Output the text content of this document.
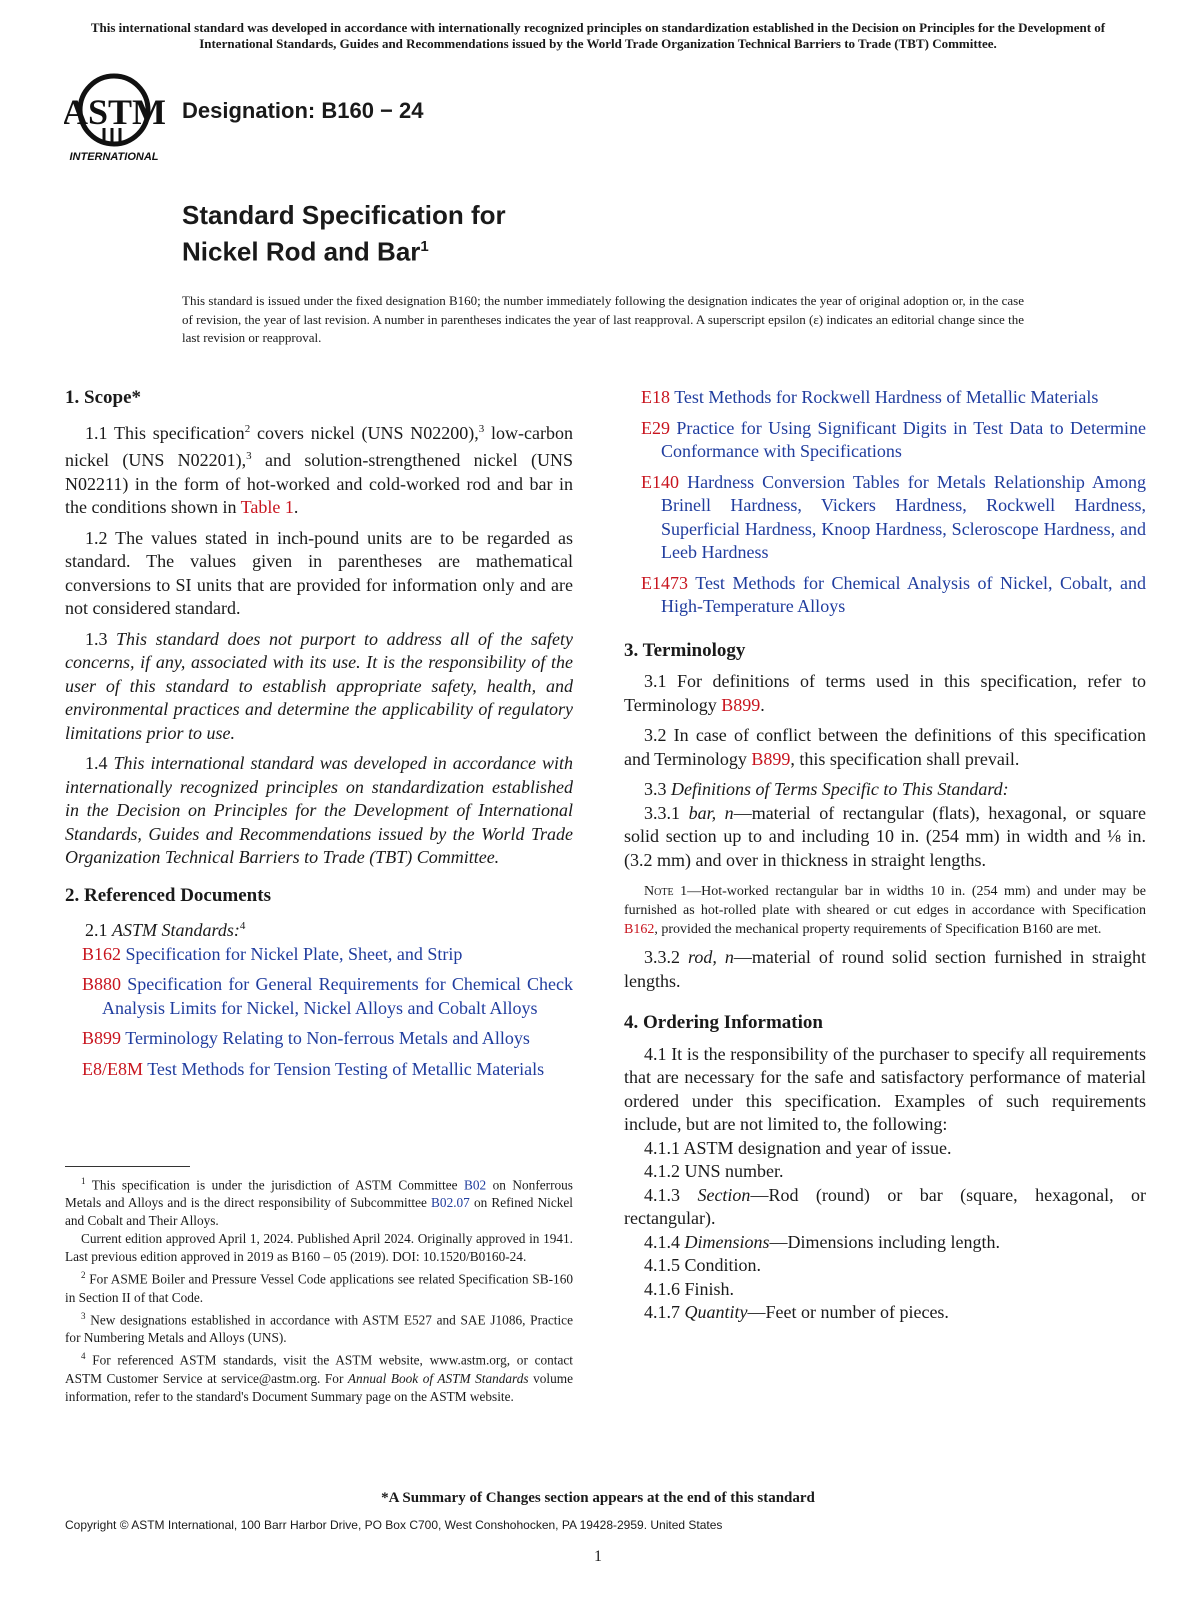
This international standard was developed in accordance with internationally recognized principles on standardization established in the Decision on Principles for the Development of International Standards, Guides and Recommendations issued by the World Trade Organization Technical Barriers to Trade (TBT) Committee.
ASTM
INTERNATIONAL
Designation: B160 − 24
Standard Specification for
Nickel Rod and Bar$^1$
This standard is issued under the fixed designation B160; the number immediately following the designation indicates the year of original adoption or, in the case of revision, the year of last revision. A number in parentheses indicates the year of last reapproval. A superscript epsilon (ε) indicates an editorial change since the last revision or reapproval.
1. Scope*

1.1 This specification$^2$ covers nickel (UNS N02200),$^3$ low-carbon nickel (UNS N02201),$^3$ and solution-strengthened nickel (UNS N02211) in the form of hot-worked and cold-worked rod and bar in the conditions shown in Table 1.

1.2 The values stated in inch-pound units are to be regarded as standard. The values given in parentheses are mathematical conversions to SI units that are provided for information only and are not considered standard.

1.3 This standard does not purport to address all of the safety concerns, if any, associated with its use. It is the responsibility of the user of this standard to establish appropriate safety, health, and environmental practices and determine the applicability of regulatory limitations prior to use.

1.4 This international standard was developed in accordance with internationally recognized principles on standardization established in the Decision on Principles for the Development of International Standards, Guides and Recommendations issued by the World Trade Organization Technical Barriers to Trade (TBT) Committee.

2. Referenced Documents

2.1 ASTM Standards:$^4$

B162 Specification for Nickel Plate, Sheet, and Strip

B880 Specification for General Requirements for Chemical Check Analysis Limits for Nickel, Nickel Alloys and Cobalt Alloys

B899 Terminology Relating to Non-ferrous Metals and Alloys

E8/E8M Test Methods for Tension Testing of Metallic Materials

$^1$ This specification is under the jurisdiction of ASTM Committee B02 on Nonferrous Metals and Alloys and is the direct responsibility of Subcommittee B02.07 on Refined Nickel and Cobalt and Their Alloys.

Current edition approved April 1, 2024. Published April 2024. Originally approved in 1941. Last previous edition approved in 2019 as B160 – 05 (2019). DOI: 10.1520/B0160-24.

$^2$ For ASME Boiler and Pressure Vessel Code applications see related Specification SB-160 in Section II of that Code.

$^3$ New designations established in accordance with ASTM E527 and SAE J1086, Practice for Numbering Metals and Alloys (UNS).

$^4$ For referenced ASTM standards, visit the ASTM website, www.astm.org, or contact ASTM Customer Service at service@astm.org. For Annual Book of ASTM Standards volume information, refer to the standard's Document Summary page on the ASTM website.

E18 Test Methods for Rockwell Hardness of Metallic Materials

E29 Practice for Using Significant Digits in Test Data to Determine Conformance with Specifications

E140 Hardness Conversion Tables for Metals Relationship Among Brinell Hardness, Vickers Hardness, Rockwell Hardness, Superficial Hardness, Knoop Hardness, Scleroscope Hardness, and Leeb Hardness

E1473 Test Methods for Chemical Analysis of Nickel, Cobalt, and High-Temperature Alloys

3. Terminology

3.1 For definitions of terms used in this specification, refer to Terminology B899.

3.2 In case of conflict between the definitions of this specification and Terminology B899, this specification shall prevail.

3.3 Definitions of Terms Specific to This Standard:

3.3.1 bar, n—material of rectangular (flats), hexagonal, or square solid section up to and including 10 in. (254 mm) in width and ⅛ in. (3.2 mm) and over in thickness in straight lengths.

Note 1—Hot-worked rectangular bar in widths 10 in. (254 mm) and under may be furnished as hot-rolled plate with sheared or cut edges in accordance with Specification B162, provided the mechanical property requirements of Specification B160 are met.

3.3.2 rod, n—material of round solid section furnished in straight lengths.

4. Ordering Information

4.1 It is the responsibility of the purchaser to specify all requirements that are necessary for the safe and satisfactory performance of material ordered under this specification. Examples of such requirements include, but are not limited to, the following:

4.1.1 ASTM designation and year of issue.

4.1.2 UNS number.

4.1.3 Section—Rod (round) or bar (square, hexagonal, or rectangular).

4.1.4 Dimensions—Dimensions including length.

4.1.5 Condition.

4.1.6 Finish.

4.1.7 Quantity—Feet or number of pieces.

*A Summary of Changes section appears at the end of this standard
Copyright © ASTM International, 100 Barr Harbor Drive, PO Box C700, West Conshohocken, PA 19428-2959. United States
1
